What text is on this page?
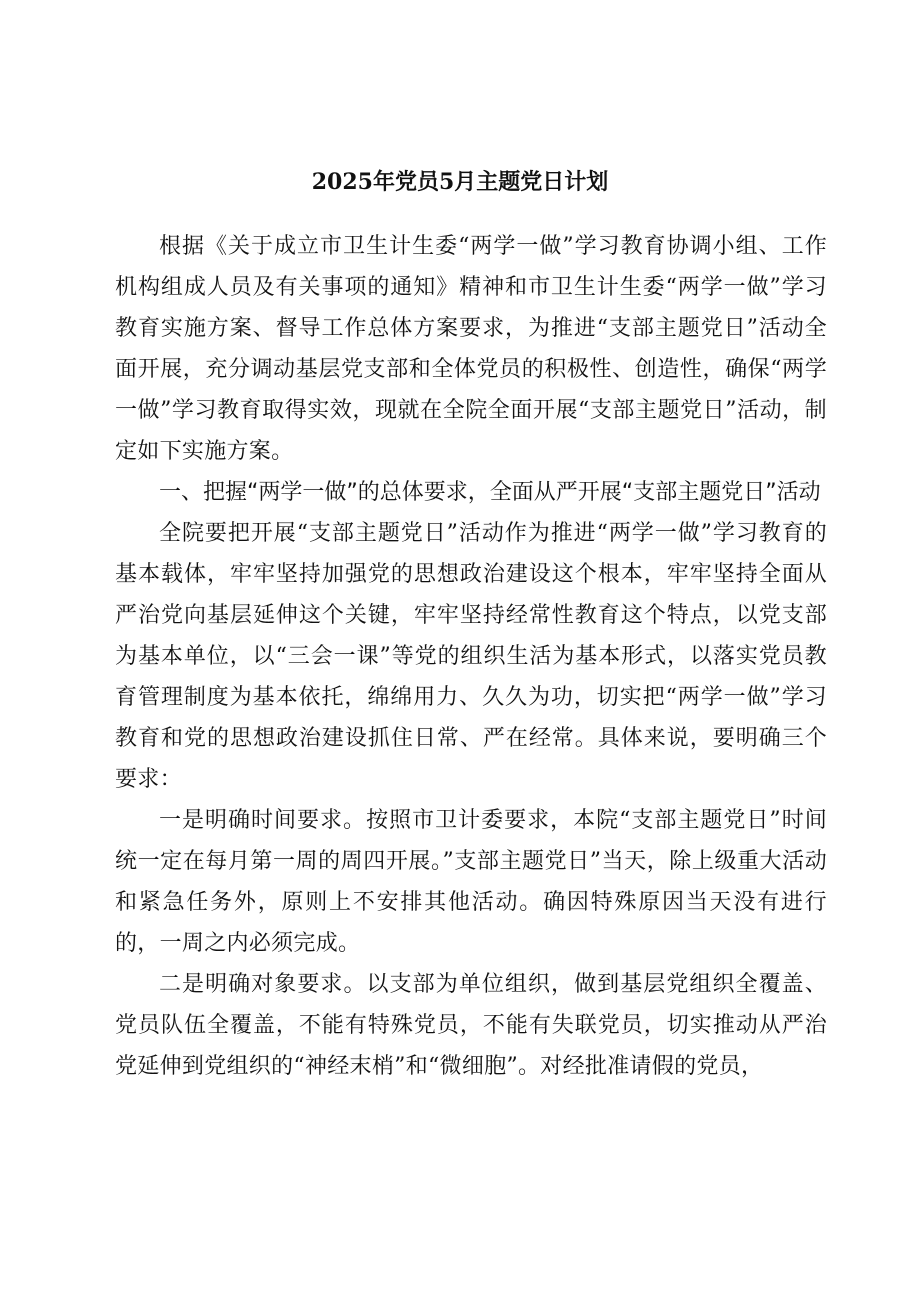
2025年党员5月主题党日计划

根据《关于成立市卫生计生委“两学一做”学习教育协调小组、工作机构组成人员及有关事项的通知》精神和市卫生计生委“两学一做”学习教育实施方案、督导工作总体方案要求，为推进“支部主题党日”活动全面开展，充分调动基层党支部和全体党员的积极性、创造性，确保“两学一做”学习教育取得实效，现就在全院全面开展“支部主题党日”活动，制定如下实施方案。

一、把握“两学一做”的总体要求，全面从严开展“支部主题党日”活动

全院要把开展“支部主题党日”活动作为推进“两学一做”学习教育的基本载体，牢牢坚持加强党的思想政治建设这个根本，牢牢坚持全面从严治党向基层延伸这个关键，牢牢坚持经常性教育这个特点，以党支部为基本单位，以“三会一课”等党的组织生活为基本形式，以落实党员教育管理制度为基本依托，绵绵用力、久久为功，切实把“两学一做”学习教育和党的思想政治建设抓住日常、严在经常。具体来说，要明确三个要求：

一是明确时间要求。按照市卫计委要求，本院“支部主题党日”时间统一定在每月第一周的周四开展。”支部主题党日”当天，除上级重大活动和紧急任务外，原则上不安排其他活动。确因特殊原因当天没有进行的，一周之内必须完成。

二是明确对象要求。以支部为单位组织，做到基层党组织全覆盖、党员队伍全覆盖，不能有特殊党员，不能有失联党员，切实推动从严治党延伸到党组织的“神经末梢”和“微细胞”。对经批准请假的党员，
